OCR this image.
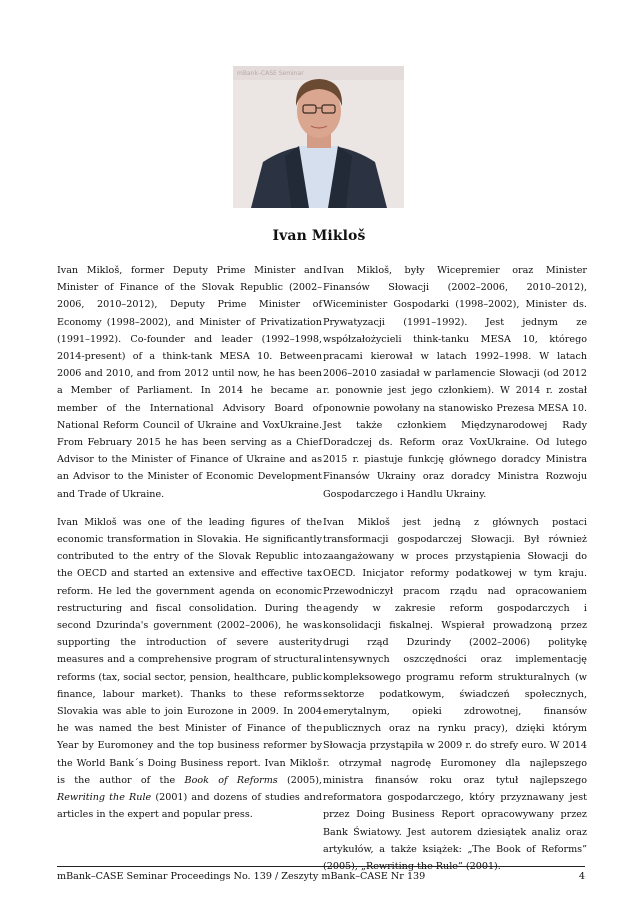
mBank–CASE Seminar
Ivan Mikloš

Ivan Mikloš, former Deputy Prime Minister and Minister of Finance of the Slovak Republic (2002–2006, 2010–2012), Deputy Prime Minister of Economy (1998–2002), and Minister of Privatization (1991–1992). Co-founder and leader (1992–1998, 2014-present) of a think-tank MESA 10. Between 2006 and 2010, and from 2012 until now, he has been a Member of Parliament. In 2014 he became a member of the International Advisory Board of National Reform Council of Ukraine and VoxUkraine. From February 2015 he has been serving as a Chief Advisor to the Minister of Finance of Ukraine and as an Advisor to the Minister of Economic Development and Trade of Ukraine.

Ivan Mikloš was one of the leading figures of the economic transformation in Slovakia. He significantly contributed to the entry of the Slovak Republic into the OECD and started an extensive and effective tax reform. He led the government agenda on economic restructuring and fiscal consolidation. During the second Dzurinda's government (2002–2006), he was supporting the introduction of severe austerity measures and a comprehensive program of structural reforms (tax, social sector, pension, healthcare, public finance, labour market). Thanks to these reforms Slovakia was able to join Eurozone in 2009. In 2004 he was named the best Minister of Finance of the Year by Euromoney and the top business reformer by the World Bank´s Doing Business report. Ivan Mikloš is the author of the Book of Reforms (2005), Rewriting the Rule (2001) and dozens of studies and articles in the expert and popular press.

Ivan Mikloš, były Wicepremier oraz Minister Finansów Słowacji (2002–2006, 2010–2012), Wiceminister Gospodarki (1998–2002), Minister ds. Prywatyzacji (1991–1992). Jest jednym ze współzałożycieli think-tanku MESA 10, którego pracami kierował w latach 1992–1998. W latach 2006–2010 zasiadał w parlamencie Słowacji (od 2012 r. ponownie jest jego członkiem). W 2014 r. został ponownie powołany na stanowisko Prezesa MESA 10. Jest także członkiem Międzynarodowej Rady Doradczej ds. Reform oraz VoxUkraine. Od lutego 2015 r. piastuje funkcję głównego doradcy Ministra Finansów Ukrainy oraz doradcy Ministra Rozwoju Gospodarczego i Handlu Ukrainy.

Ivan Mikloš jest jedną z głównych postaci transformacji gospodarczej Słowacji. Był również zaangażowany w proces przystąpienia Słowacji do OECD. Inicjator reformy podatkowej w tym kraju. Przewodniczył pracom rządu nad opracowaniem agendy w zakresie reform gospodarczych i konsolidacji fiskalnej. Wspierał prowadzoną przez drugi rząd Dzurindy (2002–2006) politykę intensywnych oszczędności oraz implementację kompleksowego programu reform strukturalnych (w sektorze podatkowym, świadczeń społecznych, emerytalnym, opieki zdrowotnej, finansów publicznych oraz na rynku pracy), dzięki którym Słowacja przystąpiła w 2009 r. do strefy euro. W 2014 r. otrzymał nagrodę Euromoney dla najlepszego ministra finansów roku oraz tytuł najlepszego reformatora gospodarczego, który przyznawany jest przez Doing Business Report opracowywany przez Bank Światowy. Jest autorem dziesiątek analiz oraz artykułów, a także książek: „The Book of Reforms” (2005), „Rewriting the Rule” (2001).

mBank–CASE Seminar Proceedings No. 139 / Zeszyty mBank–CASE Nr 139	4
